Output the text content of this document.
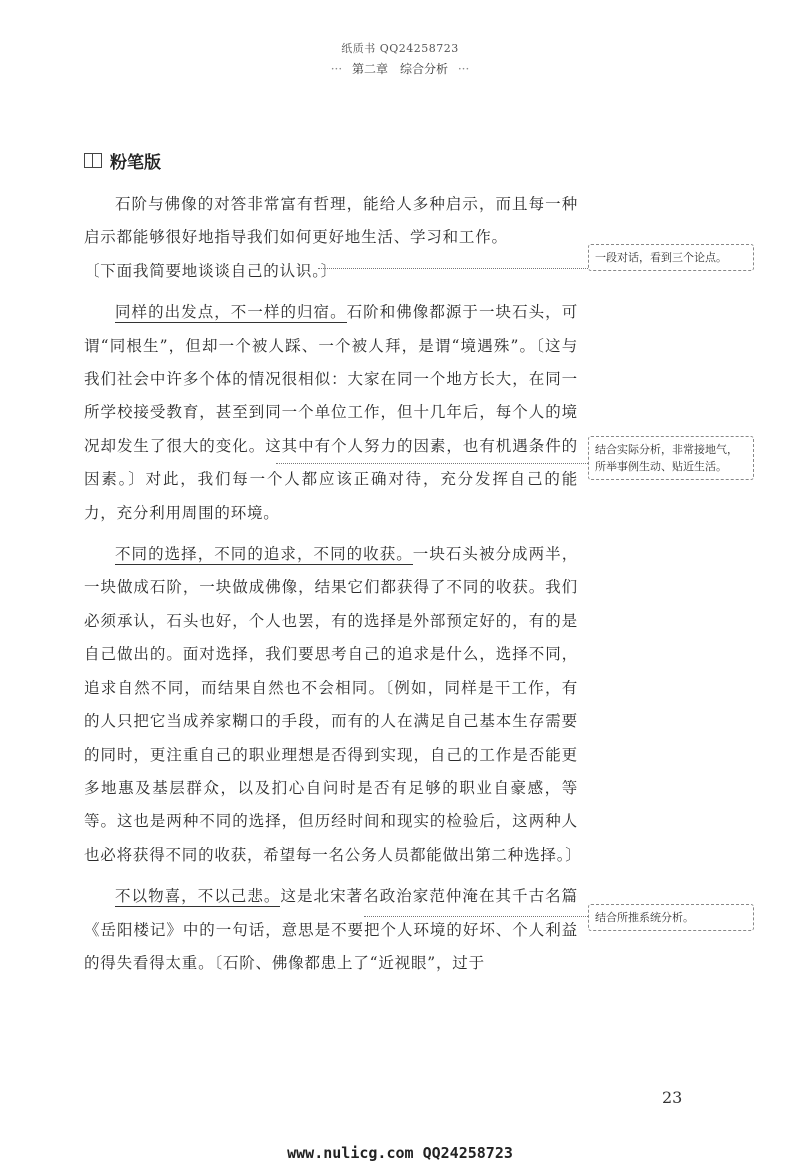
纸质书 QQ24258723
··· 第二章　综合分析 ···
粉笔版

石阶与佛像的对答非常富有哲理，能给人多种启示，而且每一种启示都能够很好地指导我们如何更好地生活、学习和工作。

〔下面我简要地谈谈自己的认识。〕

同样的出发点，不一样的归宿。石阶和佛像都源于一块石头，可谓“同根生”，但却一个被人踩、一个被人拜，是谓“境遇殊”。〔这与我们社会中许多个体的情况很相似：大家在同一个地方长大，在同一所学校接受教育，甚至到同一个单位工作，但十几年后，每个人的境况却发生了很大的变化。这其中有个人努力的因素，也有机遇条件的因素。〕对此，我们每一个人都应该正确对待，充分发挥自己的能力，充分利用周围的环境。

不同的选择，不同的追求，不同的收获。一块石头被分成两半，一块做成石阶，一块做成佛像，结果它们都获得了不同的收获。我们必须承认，石头也好，个人也罢，有的选择是外部预定好的，有的是自己做出的。面对选择，我们要思考自己的追求是什么，选择不同，追求自然不同，而结果自然也不会相同。〔例如，同样是干工作，有的人只把它当成养家糊口的手段，而有的人在满足自己基本生存需要的同时，更注重自己的职业理想是否得到实现，自己的工作是否能更多地惠及基层群众，以及扪心自问时是否有足够的职业自豪感，等等。这也是两种不同的选择，但历经时间和现实的检验后，这两种人也必将获得不同的收获，希望每一名公务人员都能做出第二种选择。〕

不以物喜，不以己悲。这是北宋著名政治家范仲淹在其千古名篇《岳阳楼记》中的一句话，意思是不要把个人环境的好坏、个人利益的得失看得太重。〔石阶、佛像都患上了“近视眼”，过于

一段对话，看到三个论点。
结合实际分析，非常接地气，所举事例生动、贴近生活。
结合所推系统分析。
23
www.nulicg.com QQ24258723
